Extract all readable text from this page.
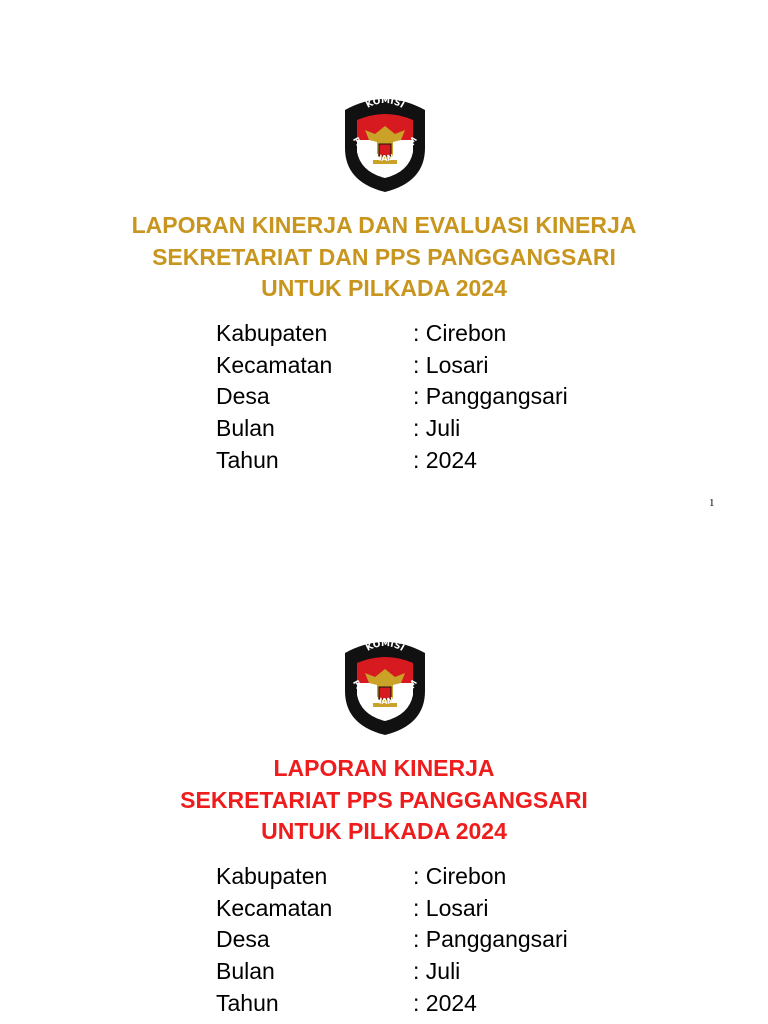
KOMISI
PEMILIHAN UMUM
LAPORAN KINERJA DAN EVALUASI KINERJA
SEKRETARIAT DAN PPS PANGGANGSARI
UNTUK PILKADA 2024
Kabupaten	: Cirebon
Kecamatan	: Losari
Desa	: Panggangsari
Bulan	: Juli
Tahun	: 2024
1
KOMISI
PEMILIHAN UMUM
LAPORAN KINERJA
SEKRETARIAT PPS PANGGANGSARI
UNTUK PILKADA 2024
Kabupaten	: Cirebon
Kecamatan	: Losari
Desa	: Panggangsari
Bulan	: Juli
Tahun	: 2024
